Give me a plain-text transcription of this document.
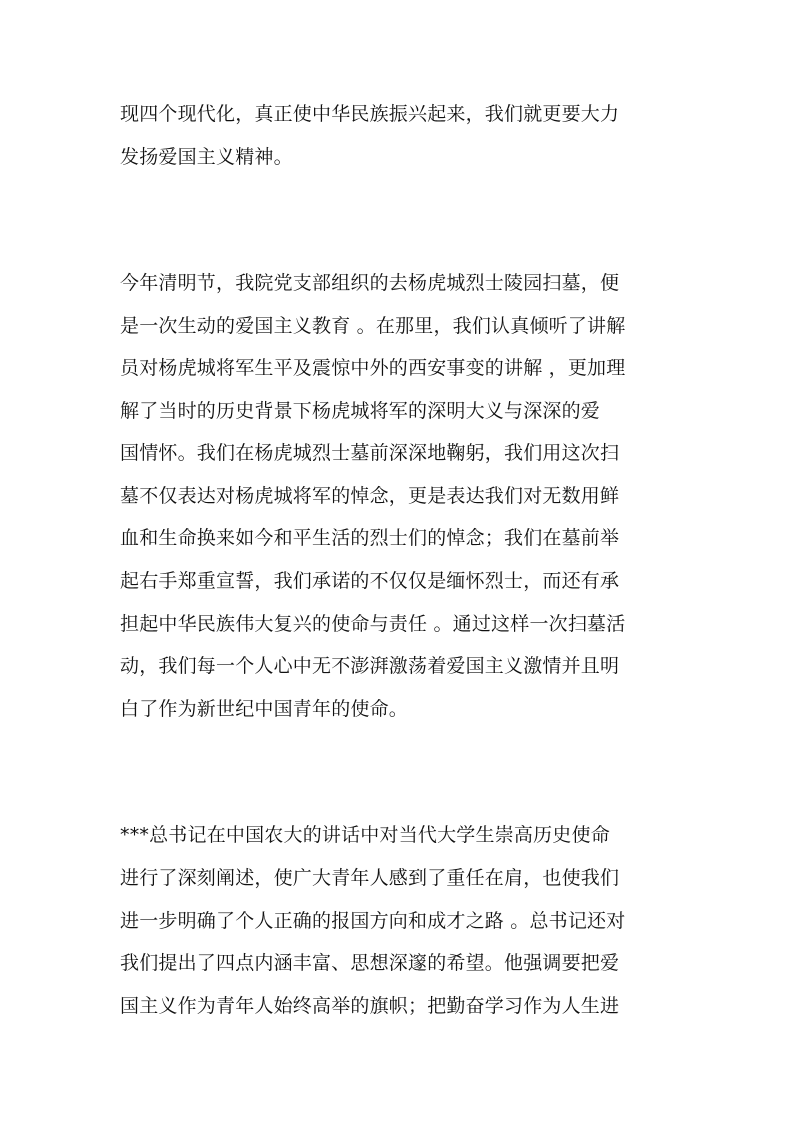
现四个现代化，真正使中华民族振兴起来，我们就更要大力
发扬爱国主义精神。
今年清明节，我院党支部组织的去杨虎城烈士陵园扫墓，便
是一次生动的爱国主义教育 。在那里，我们认真倾听了讲解
员对杨虎城将军生平及震惊中外的西安事变的讲解 ，更加理
解了当时的历史背景下杨虎城将军的深明大义与深深的爱
国情怀。我们在杨虎城烈士墓前深深地鞠躬，我们用这次扫
墓不仅表达对杨虎城将军的悼念，更是表达我们对无数用鲜
血和生命换来如今和平生活的烈士们的悼念；我们在墓前举
起右手郑重宣誓，我们承诺的不仅仅是缅怀烈士，而还有承
担起中华民族伟大复兴的使命与责任 。通过这样一次扫墓活
动，我们每一个人心中无不澎湃激荡着爱国主义激情并且明
白了作为新世纪中国青年的使命。
***总书记在中国农大的讲话中对当代大学生崇高历史使命
进行了深刻阐述，使广大青年人感到了重任在肩，也使我们
进一步明确了个人正确的报国方向和成才之路 。总书记还对
我们提出了四点内涵丰富、思想深邃的希望。他强调要把爱
国主义作为青年人始终高举的旗帜；把勤奋学习作为人生进
